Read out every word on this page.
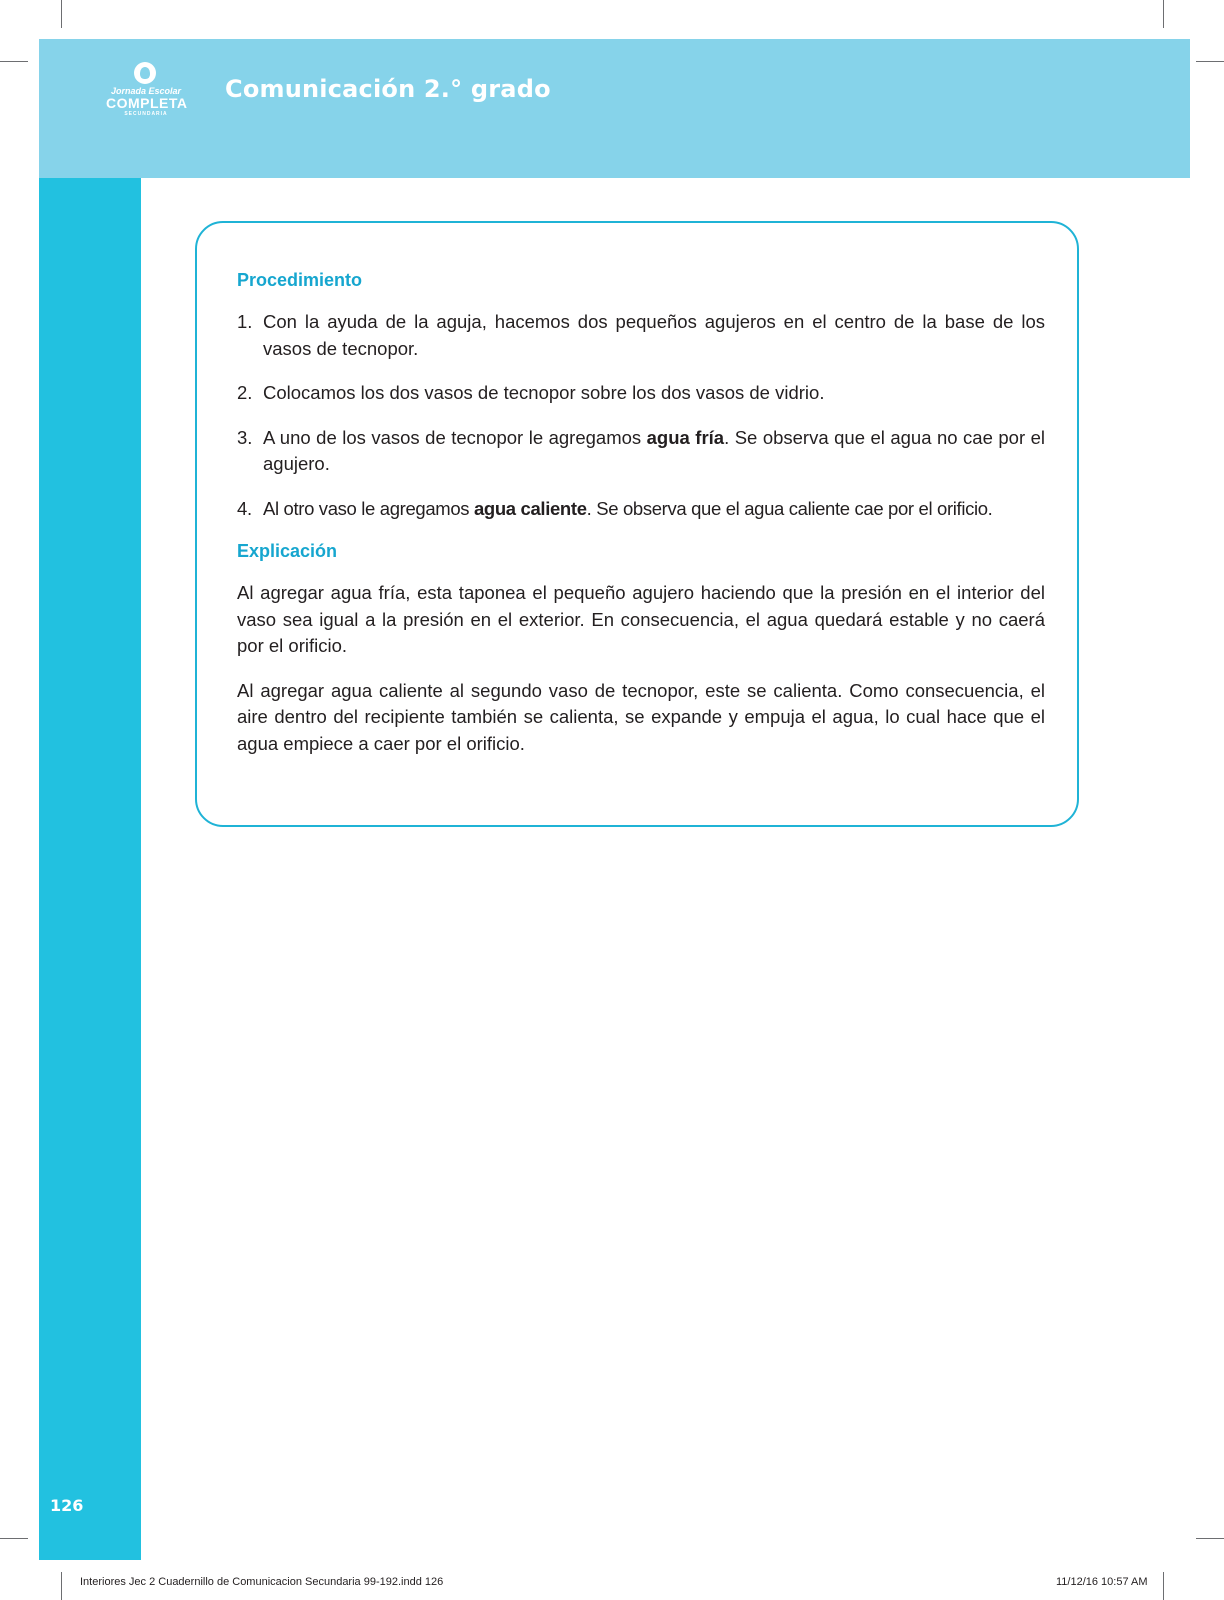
Jornada Escolar
COMPLETA
SECUNDARIA
Comunicación 2.° grado
126
Procedimiento
1. Con la ayuda de la aguja, hacemos dos pequeños agujeros en el centro de la base de los vasos de tecnopor.
2. Colocamos los dos vasos de tecnopor sobre los dos vasos de vidrio.
3. A uno de los vasos de tecnopor le agregamos agua fría. Se observa que el agua no cae por el agujero.
4. Al otro vaso le agregamos agua caliente. Se observa que el agua caliente cae por el orificio.
Explicación

Al agregar agua fría, esta taponea el pequeño agujero haciendo que la presión en el interior del vaso sea igual a la presión en el exterior. En consecuencia, el agua quedará estable y no caerá por el orificio.

Al agregar agua caliente al segundo vaso de tecnopor, este se calienta. Como consecuencia, el aire dentro del recipiente también se calienta, se expande y empuja el agua, lo cual hace que el agua empiece a caer por el orificio.

Interiores Jec 2 Cuadernillo de Comunicacion Secundaria 99-192.indd 126	11/12/16 10:57 AM
